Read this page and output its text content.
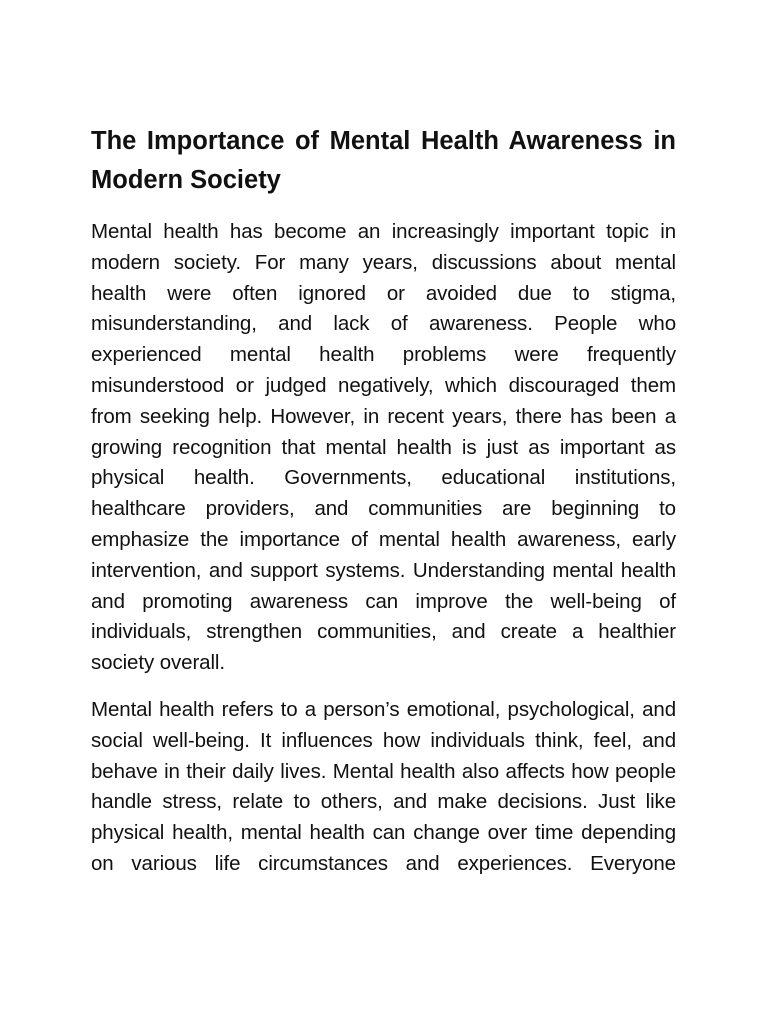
The Importance of Mental Health Awareness in Modern Society

Mental health has become an increasingly important topic in modern society. For many years, discussions about mental health were often ignored or avoided due to stigma, misunderstanding, and lack of awareness. People who experienced mental health problems were frequently misunderstood or judged negatively, which discouraged them from seeking help. However, in recent years, there has been a growing recognition that mental health is just as important as physical health. Governments, educational institutions, healthcare providers, and communities are beginning to emphasize the importance of mental health awareness, early intervention, and support systems. Understanding mental health and promoting awareness can improve the well-being of individuals, strengthen communities, and create a healthier society overall.

Mental health refers to a person’s emotional, psychological, and social well-being. It influences how individuals think, feel, and behave in their daily lives. Mental health also affects how people handle stress, relate to others, and make decisions. Just like physical health, mental health can change over time depending on various life circumstances and experiences. Everyone
